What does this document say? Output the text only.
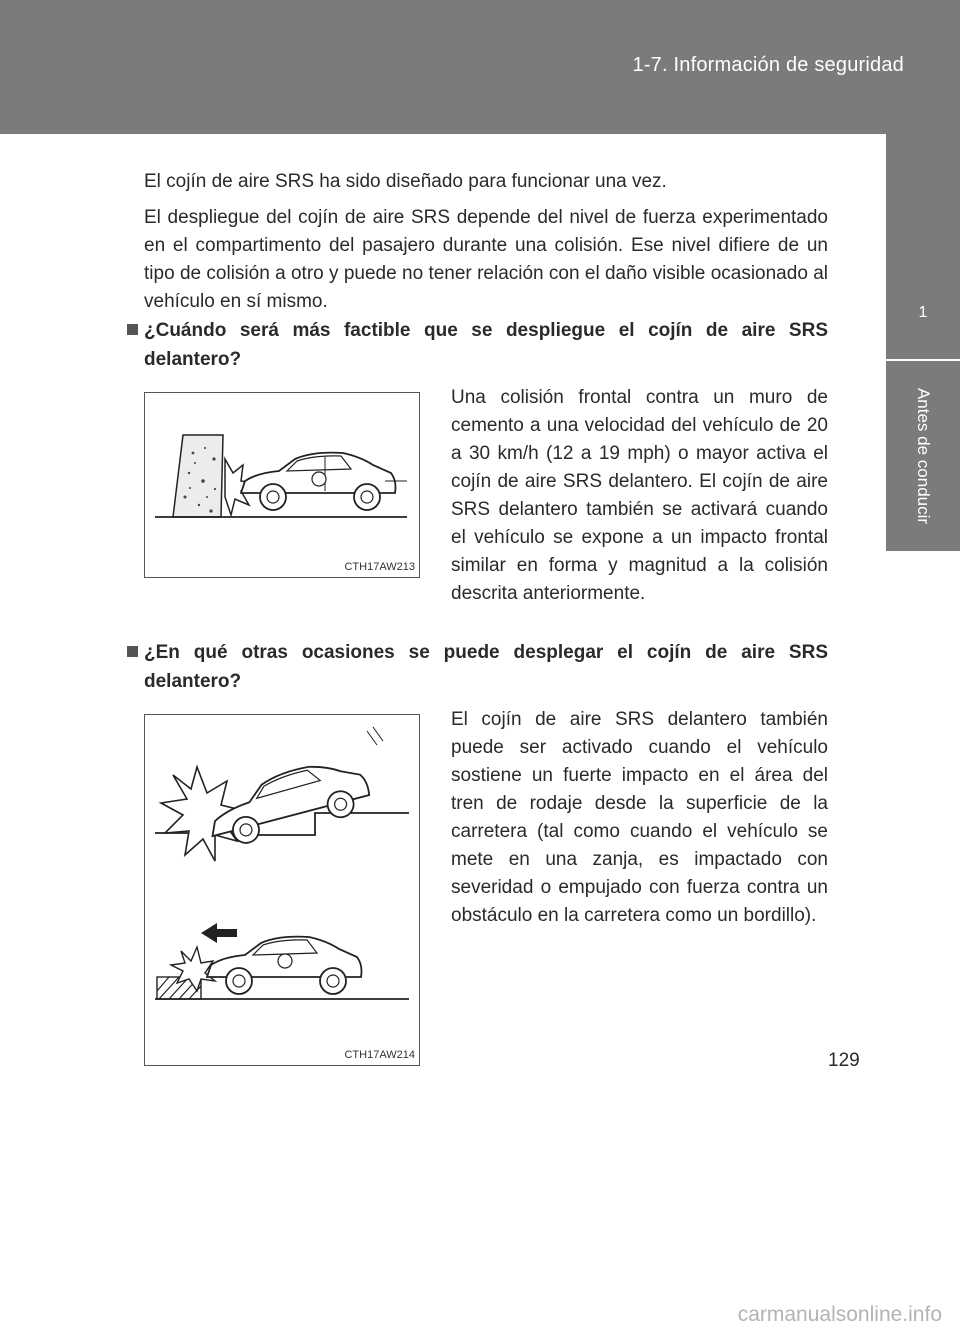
1-7. Información de seguridad
1
Antes de conducir

El cojín de aire SRS ha sido diseñado para funcionar una vez.

El despliegue del cojín de aire SRS depende del nivel de fuerza experimentado en el compartimento del pasajero durante una colisión. Ese nivel difiere de un tipo de colisión a otro y puede no tener relación con el daño visible ocasionado al vehículo en sí mismo.

¿Cuándo será más factible que se despliegue el cojín de aire SRS
delantero?
CTH17AW213

Una colisión frontal contra un muro de cemento a una velocidad del vehículo de 20 a 30 km/h (12 a 19 mph) o mayor activa el cojín de aire SRS delantero. El cojín de aire SRS delantero también se activará cuando el vehículo se expone a un impacto frontal similar en forma y magnitud a la colisión descrita anteriormente.

¿En qué otras ocasiones se puede desplegar el cojín de aire SRS
delantero?
CTH17AW214

El cojín de aire SRS delantero también puede ser activado cuando el vehículo sostiene un fuerte impacto en el área del tren de rodaje desde la superficie de la carretera (tal como cuando el vehículo se mete en una zanja, es impactado con severidad o empujado con fuerza contra un obstáculo en la carretera como un bordillo).

129
carmanualsonline.info
